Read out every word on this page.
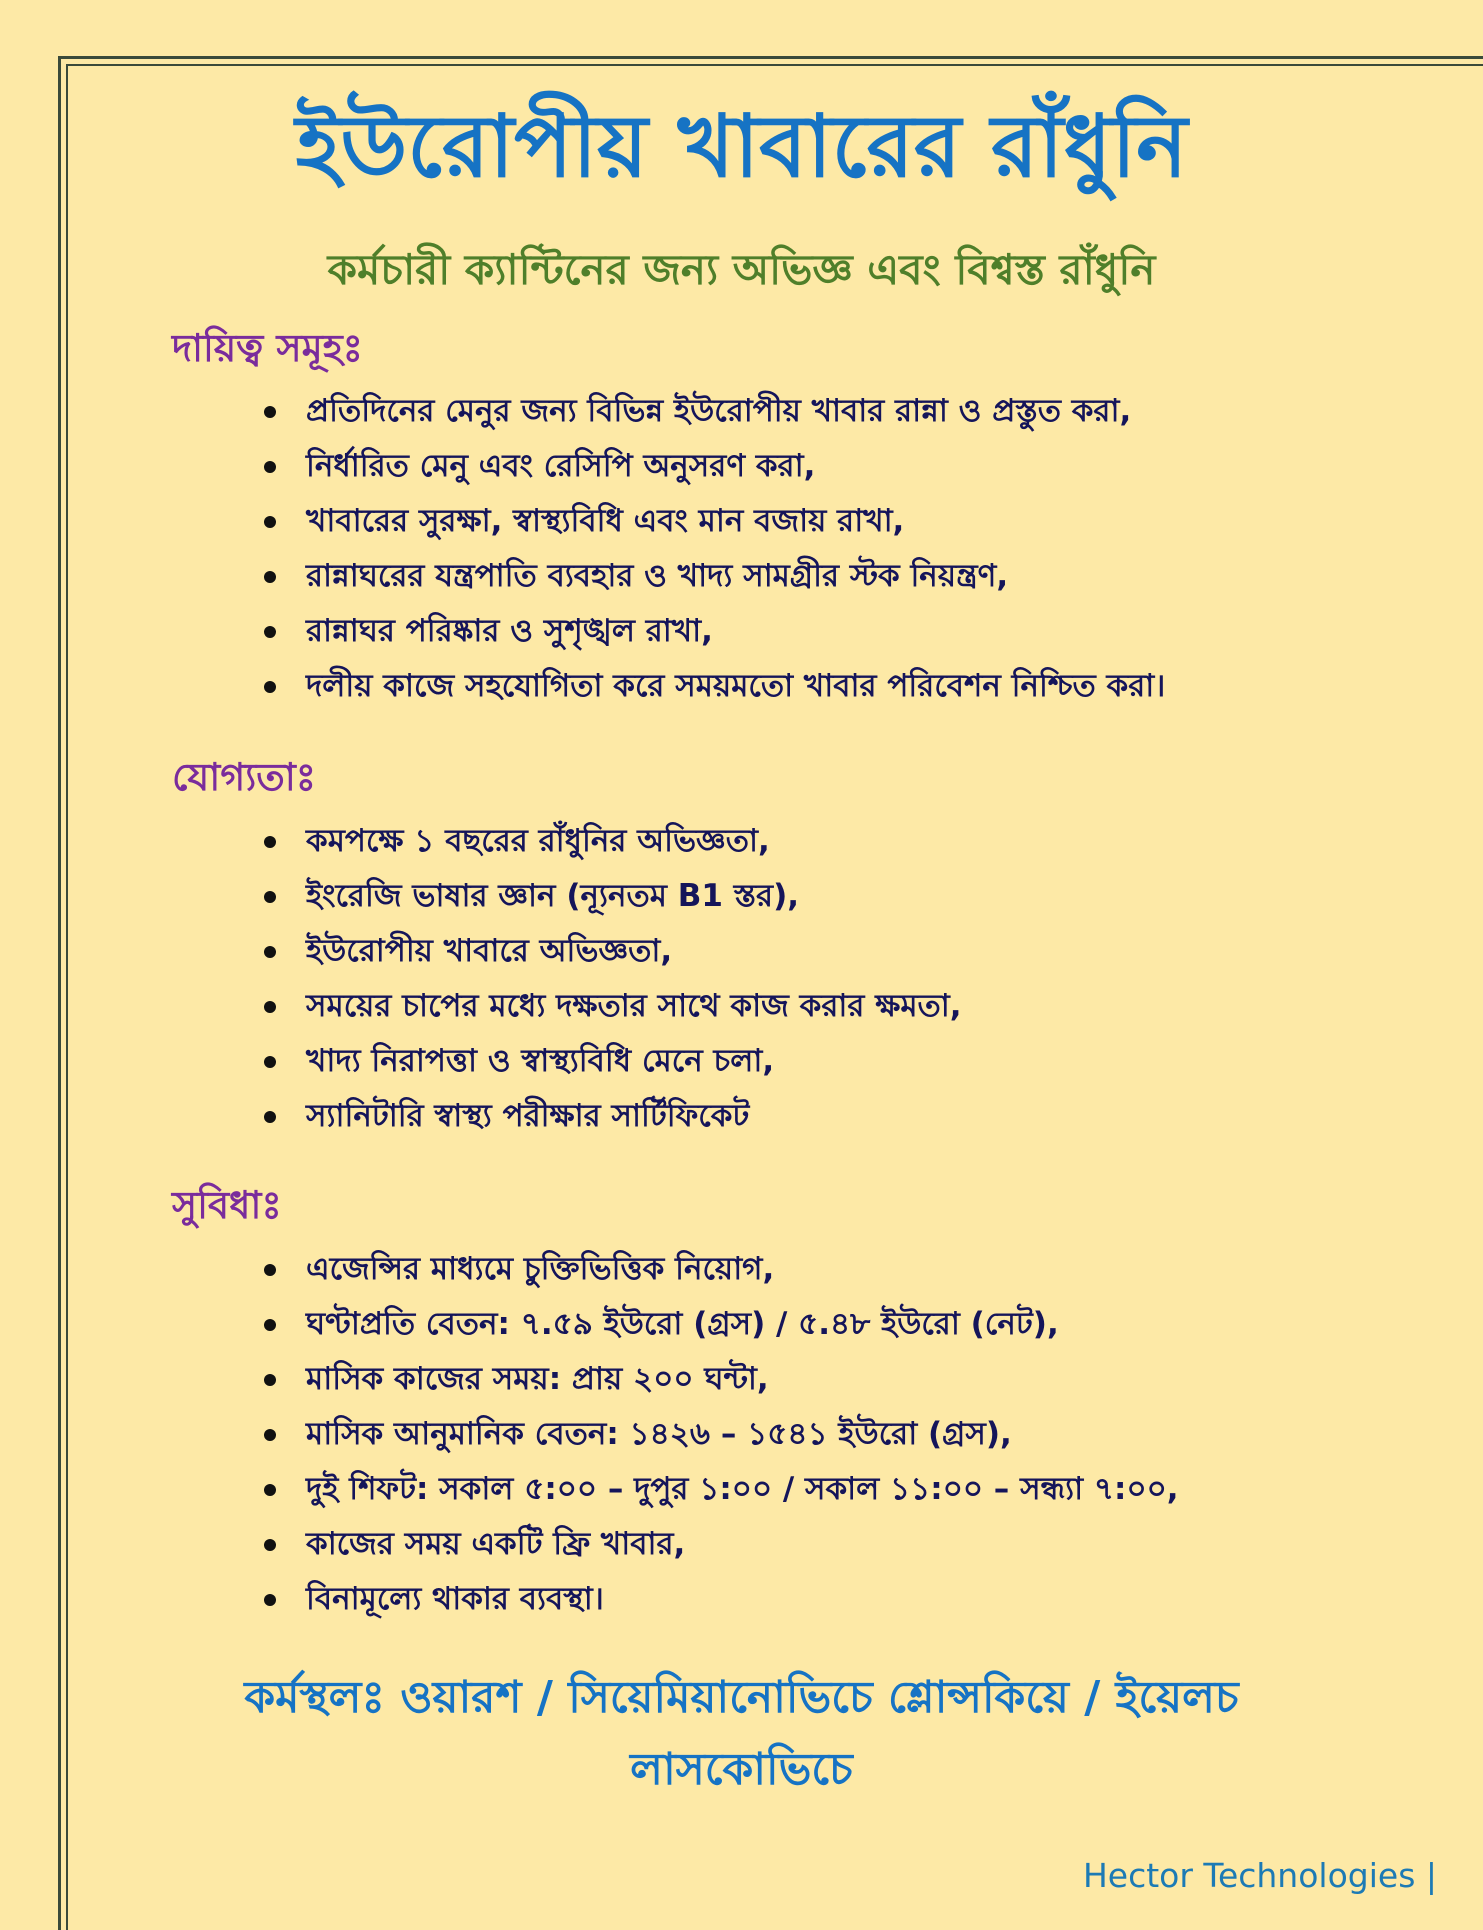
ইউরোপীয় খাবারের রাঁধুনি
কর্মচারী ক্যান্টিনের জন্য অভিজ্ঞ এবং বিশ্বস্ত রাঁধুনি
দায়িত্ব সমূহঃ
প্রতিদিনের মেনুর জন্য বিভিন্ন ইউরোপীয় খাবার রান্না ও প্রস্তুত করা,
নির্ধারিত মেনু এবং রেসিপি অনুসরণ করা,
খাবারের সুরক্ষা, স্বাস্থ্যবিধি এবং মান বজায় রাখা,
রান্নাঘরের যন্ত্রপাতি ব্যবহার ও খাদ্য সামগ্রীর স্টক নিয়ন্ত্রণ,
রান্নাঘর পরিষ্কার ও সুশৃঙ্খল রাখা,
দলীয় কাজে সহযোগিতা করে সময়মতো খাবার পরিবেশন নিশ্চিত করা।
যোগ্যতাঃ
কমপক্ষে ১ বছরের রাঁধুনির অভিজ্ঞতা,
ইংরেজি ভাষার জ্ঞান (ন্যূনতম B1 স্তর),
ইউরোপীয় খাবারে অভিজ্ঞতা,
সময়ের চাপের মধ্যে দক্ষতার সাথে কাজ করার ক্ষমতা,
খাদ্য নিরাপত্তা ও স্বাস্থ্যবিধি মেনে চলা,
স্যানিটারি স্বাস্থ্য পরীক্ষার সার্টিফিকেট
সুবিধাঃ
এজেন্সির মাধ্যমে চুক্তিভিত্তিক নিয়োগ,
ঘণ্টাপ্রতি বেতন: ৭.৫৯ ইউরো (গ্রস) / ৫.৪৮ ইউরো (নেট),
মাসিক কাজের সময়: প্রায় ২০০ ঘন্টা,
মাসিক আনুমানিক বেতন: ১৪২৬ – ১৫৪১ ইউরো (গ্রস),
দুই শিফট: সকাল ৫:০০ – দুপুর ১:০০ / সকাল ১১:০০ – সন্ধ্যা ৭:০০,
কাজের সময় একটি ফ্রি খাবার,
বিনামূল্যে থাকার ব্যবস্থা।
কর্মস্থলঃ ওয়ারশ / সিয়েমিয়ানোভিচে শ্লোন্সকিয়ে / ইয়েলচ
লাসকোভিচে
Hector Technologies |
